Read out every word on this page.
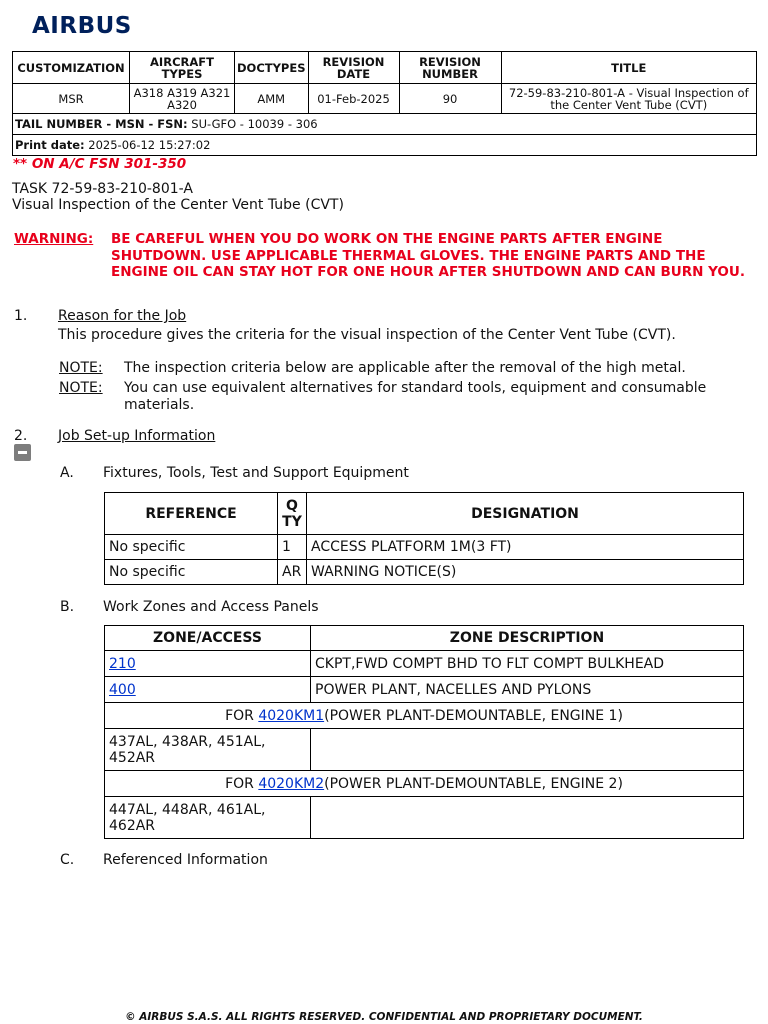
AIRBUS
CUSTOMIZATION	AIRCRAFT TYPES	DOCTYPES	REVISION DATE	REVISION NUMBER	TITLE
MSR	A318 A319 A321 A320	AMM	01-Feb-2025	90	72-59-83-210-801-A - Visual Inspection of the Center Vent Tube (CVT)
TAIL NUMBER - MSN - FSN: SU-GFO - 10039 - 306					
Print date: 2025-06-12 15:27:02					
** ON A/C FSN 301-350
TASK 72-59-83-210-801-A
Visual Inspection of the Center Vent Tube (CVT)
WARNING: BE CAREFUL WHEN YOU DO WORK ON THE ENGINE PARTS AFTER ENGINE SHUTDOWN. USE APPLICABLE THERMAL GLOVES. THE ENGINE PARTS AND THE ENGINE OIL CAN STAY HOT FOR ONE HOUR AFTER SHUTDOWN AND CAN BURN YOU.
1. Reason for the Job
This procedure gives the criteria for the visual inspection of the Center Vent Tube (CVT).
NOTE: The inspection criteria below are applicable after the removal of the high metal.
NOTE: You can use equivalent alternatives for standard tools, equipment and consumable materials.
2. Job Set-up Information
A. Fixtures, Tools, Test and Support Equipment
REFERENCE	Q TY	DESIGNATION
No specific	1	ACCESS PLATFORM 1M(3 FT)
No specific	AR	WARNING NOTICE(S)
B. Work Zones and Access Panels
ZONE/ACCESS	ZONE DESCRIPTION
210	CKPT,FWD COMPT BHD TO FLT COMPT BULKHEAD
400	POWER PLANT, NACELLES AND PYLONS
FOR 4020KM1(POWER PLANT-DEMOUNTABLE, ENGINE 1)	
437AL, 438AR, 451AL, 452AR	
FOR 4020KM2(POWER PLANT-DEMOUNTABLE, ENGINE 2)	
447AL, 448AR, 461AL, 462AR	
C. Referenced Information
© AIRBUS S.A.S. ALL RIGHTS RESERVED. CONFIDENTIAL AND PROPRIETARY DOCUMENT.
